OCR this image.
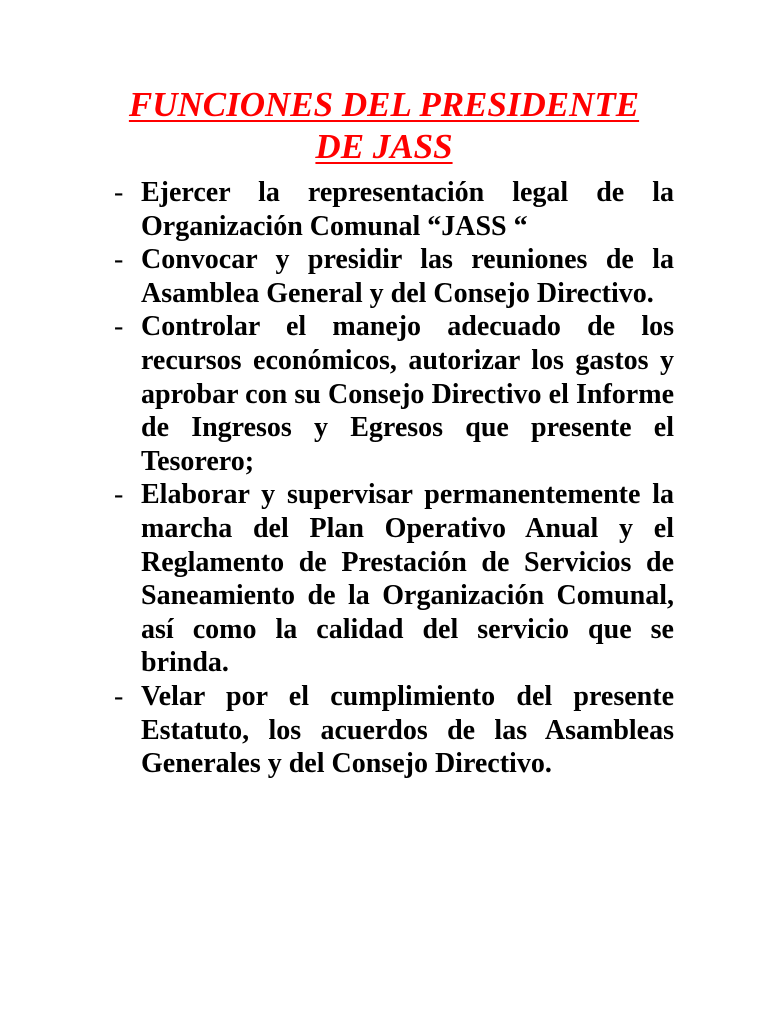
FUNCIONES DEL PRESIDENTE
DE JASS
- Ejercer la representación legal de la Organización Comunal “JASS “
- Convocar y presidir las reuniones de la Asamblea General y del Consejo Directivo.
- Controlar el manejo adecuado de los recursos económicos, autorizar los gastos y aprobar con su Consejo Directivo el Informe de Ingresos y Egresos que presente el Tesorero;
- Elaborar y supervisar permanentemente la marcha del Plan Operativo Anual y el Reglamento de Prestación de Servicios de Saneamiento de la Organización Comunal, así como la calidad del servicio que se brinda.
- Velar por el cumplimiento del presente Estatuto, los acuerdos de las Asambleas Generales y del Consejo Directivo.
